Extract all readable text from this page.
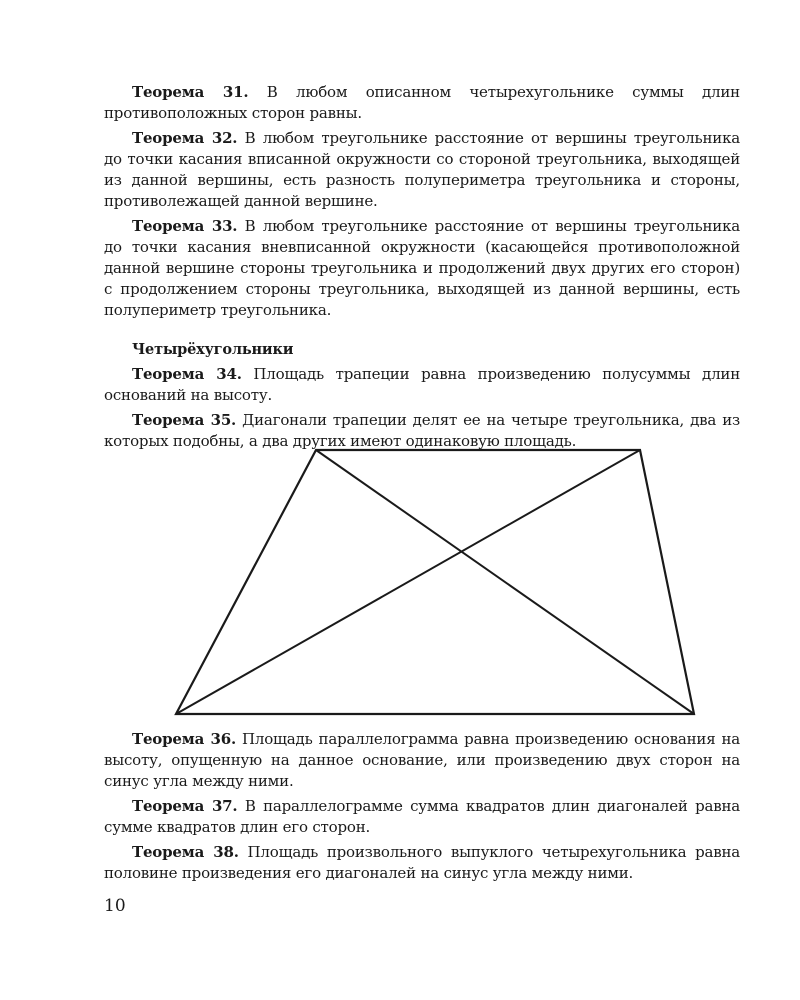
Теорема 31. В любом описанном четырехугольнике суммы длин противоположных сторон равны.

Теорема 32. В любом треугольнике расстояние от вершины треугольника до точки касания вписанной окружности со стороной треугольника, выходящей из данной вершины, есть разность полупериметра треугольника и стороны, противолежащей данной вершине.

Теорема 33. В любом треугольнике расстояние от вершины треугольника до точки касания вневписанной окружности (касающейся противоположной данной вершине стороны треугольника и продолжений двух других его сторон) с продолжением стороны треугольника, выходящей из данной вершины, есть полупериметр треугольника.

Четырёхугольники

Теорема 34. Площадь трапеции равна произведению полусуммы длин оснований на высоту.

Теорема 35. Диагонали трапеции делят ее на четыре треугольника, два из которых подобны, а два других имеют одинаковую площадь.

Теорема 36. Площадь параллелограмма равна произведению основания на высоту, опущенную на данное основание, или произведению двух сторон на синус угла между ними.

Теорема 37. В параллелограмме сумма квадратов длин диагоналей равна сумме квадратов длин его сторон.

Теорема 38. Площадь произвольного выпуклого четырехугольника равна половине произведения его диагоналей на синус угла между ними.

10
